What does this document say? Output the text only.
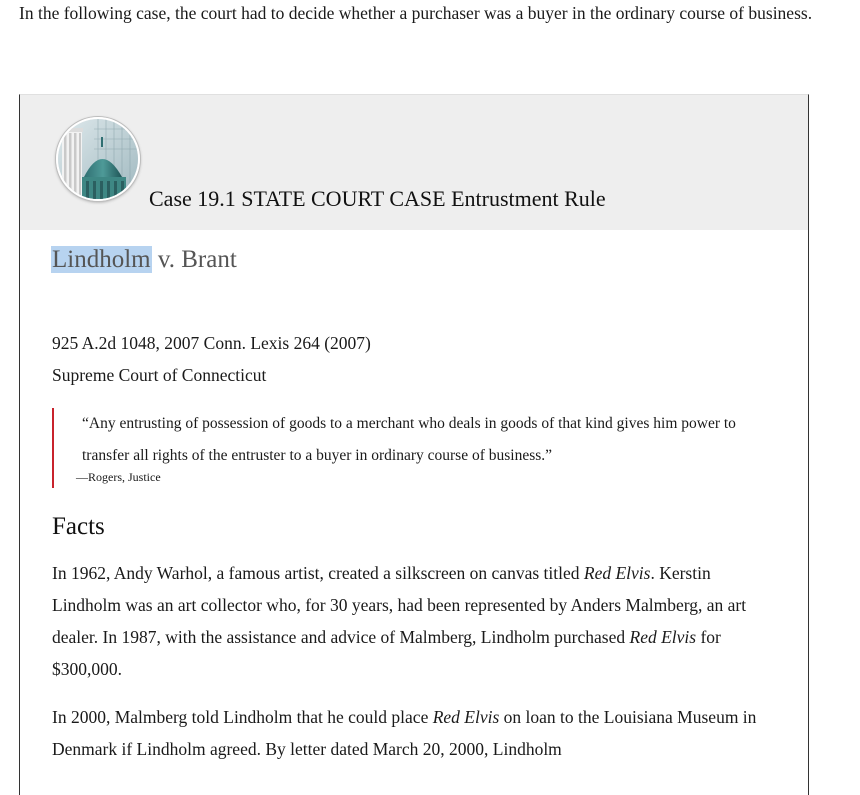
In the following case, the court had to decide whether a purchaser was a buyer in the ordinary course of business.

Case 19.1 STATE COURT CASE Entrustment Rule
Lindholm v. Brant

925 A.2d 1048, 2007 Conn. Lexis 264 (2007)
Supreme Court of Connecticut

“Any entrusting of possession of goods to a merchant who deals in goods of that kind gives him power to transfer all rights of the entruster to a buyer in ordinary course of business.”

—Rogers, Justice
Facts

In 1962, Andy Warhol, a famous artist, created a silkscreen on canvas titled Red Elvis. Kerstin Lindholm was an art collector who, for 30 years, had been represented by Anders Malmberg, an art dealer. In 1987, with the assistance and advice of Malmberg, Lindholm purchased Red Elvis for $300,000.

In 2000, Malmberg told Lindholm that he could place Red Elvis on loan to the Louisiana Museum in Denmark if Lindholm agreed. By letter dated March 20, 2000, Lindholm
